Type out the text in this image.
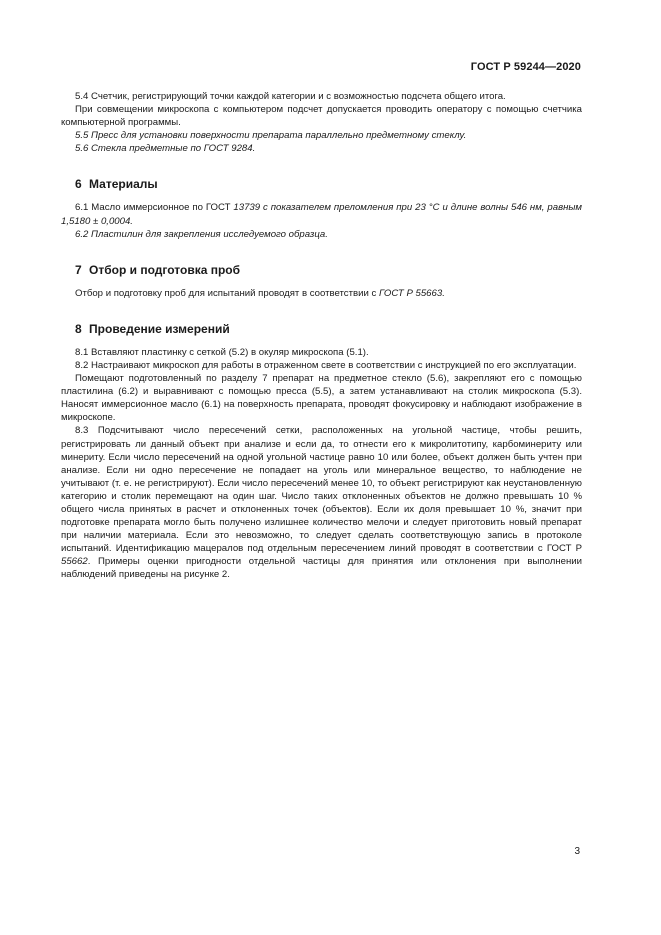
ГОСТ Р 59244—2020

5.4 Счетчик, регистрирующий точки каждой категории и с возможностью подсчета общего итога.

При совмещении микроскопа с компьютером подсчет допускается проводить оператору с помощью счетчика компьютерной программы.

5.5 Пресс для установки поверхности препарата параллельно предметному стеклу.

5.6 Стекла предметные по ГОСТ 9284.

6 Материалы

6.1 Масло иммерсионное по ГОСТ 13739 с показателем преломления при 23 °С и длине волны 546 нм, равным 1,5180 ± 0,0004.

6.2 Пластилин для закрепления исследуемого образца.

7 Отбор и подготовка проб

Отбор и подготовку проб для испытаний проводят в соответствии с ГОСТ Р 55663.

8 Проведение измерений

8.1 Вставляют пластинку с сеткой (5.2) в окуляр микроскопа (5.1).

8.2 Настраивают микроскоп для работы в отраженном свете в соответствии с инструкцией по его эксплуатации.

Помещают подготовленный по разделу 7 препарат на предметное стекло (5.6), закрепляют его с помощью пластилина (6.2) и выравнивают с помощью пресса (5.5), а затем устанавливают на столик микроскопа (5.3). Наносят иммерсионное масло (6.1) на поверхность препарата, проводят фокусировку и наблюдают изображение в микроскопе.

8.3 Подсчитывают число пересечений сетки, расположенных на угольной частице, чтобы решить, регистрировать ли данный объект при анализе и если да, то отнести его к микролитотипу, карбоминериту или минериту. Если число пересечений на одной угольной частице равно 10 или более, объект должен быть учтен при анализе. Если ни одно пересечение не попадает на уголь или минеральное вещество, то наблюдение не учитывают (т. е. не регистрируют). Если число пересечений менее 10, то объект регистрируют как неустановленную категорию и столик перемещают на один шаг. Число таких отклоненных объектов не должно превышать 10 % общего числа принятых в расчет и отклоненных точек (объектов). Если их доля превышает 10 %, значит при подготовке препарата могло быть получено излишнее количество мелочи и следует приготовить новый препарат при наличии материала. Если это невозможно, то следует сделать соответствующую запись в протоколе испытаний. Идентификацию мацералов под отдельным пересечением линий проводят в соответствии с ГОСТ Р 55662. Примеры оценки пригодности отдельной частицы для принятия или отклонения при выполнении наблюдений приведены на рисунке 2.

3
